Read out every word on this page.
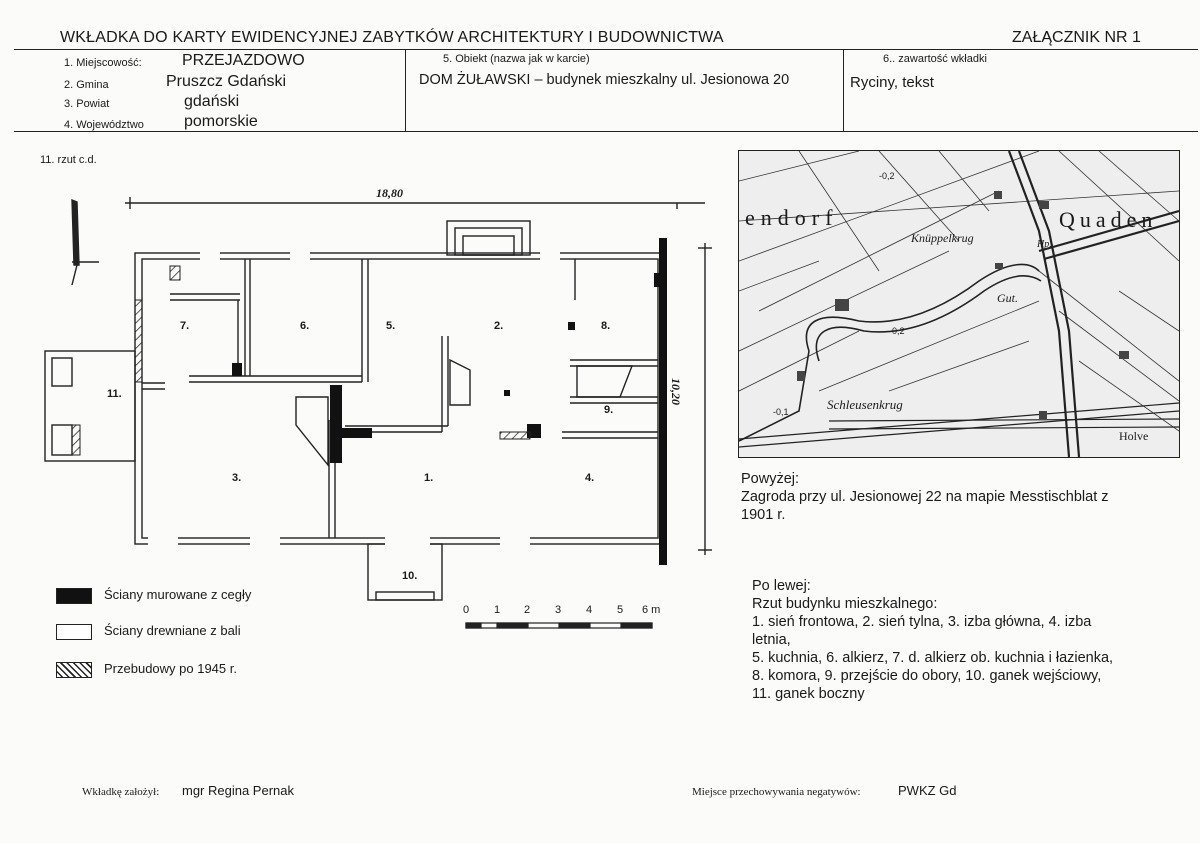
WKŁADKA DO KARTY EWIDENCYJNEJ ZABYTKÓW ARCHITEKTURY I BUDOWNICTWA	ZAŁĄCZNIK NR 1
1. Miejscowość:	PRZEJAZDOWO
2. Gmina	Pruszcz Gdański
3. Powiat	gdański
4. Województwo	pomorskie
5. Obiekt (nazwa jak w karcie)
DOM ŻUŁAWSKI – budynek mieszkalny ul. Jesionowa 20
6.. zawartość wkładki
Ryciny, tekst
11. rzut c.d.
18,80
10,20
1.
2.
3.	4.
5.
6.
7.	8.
9.
10.
11.
0 1 2 3 4 5 6 m
endorf	Quaden
Knüppelkrug	Hp.
Gut.
Schleusenkrug
Holve
-0,2
-0,2
-0,1
Ściany murowane z cegły
Ściany drewniane z bali
Przebudowy po 1945 r.
Powyżej:
Zagroda przy ul. Jesionowej 22 na mapie Messtischblat z
1901 r.
Po lewej:
Rzut budynku mieszkalnego:
1. sień frontowa, 2. sień tylna, 3. izba główna, 4. izba
letnia,
5. kuchnia, 6. alkierz, 7. d. alkierz ob. kuchnia i łazienka,
8. komora, 9. przejście do obory, 10. ganek wejściowy,
11. ganek boczny
Wkładkę założył: mgr Regina Pernak	Miejsce przechowywania negatywów:	PWKZ Gd
